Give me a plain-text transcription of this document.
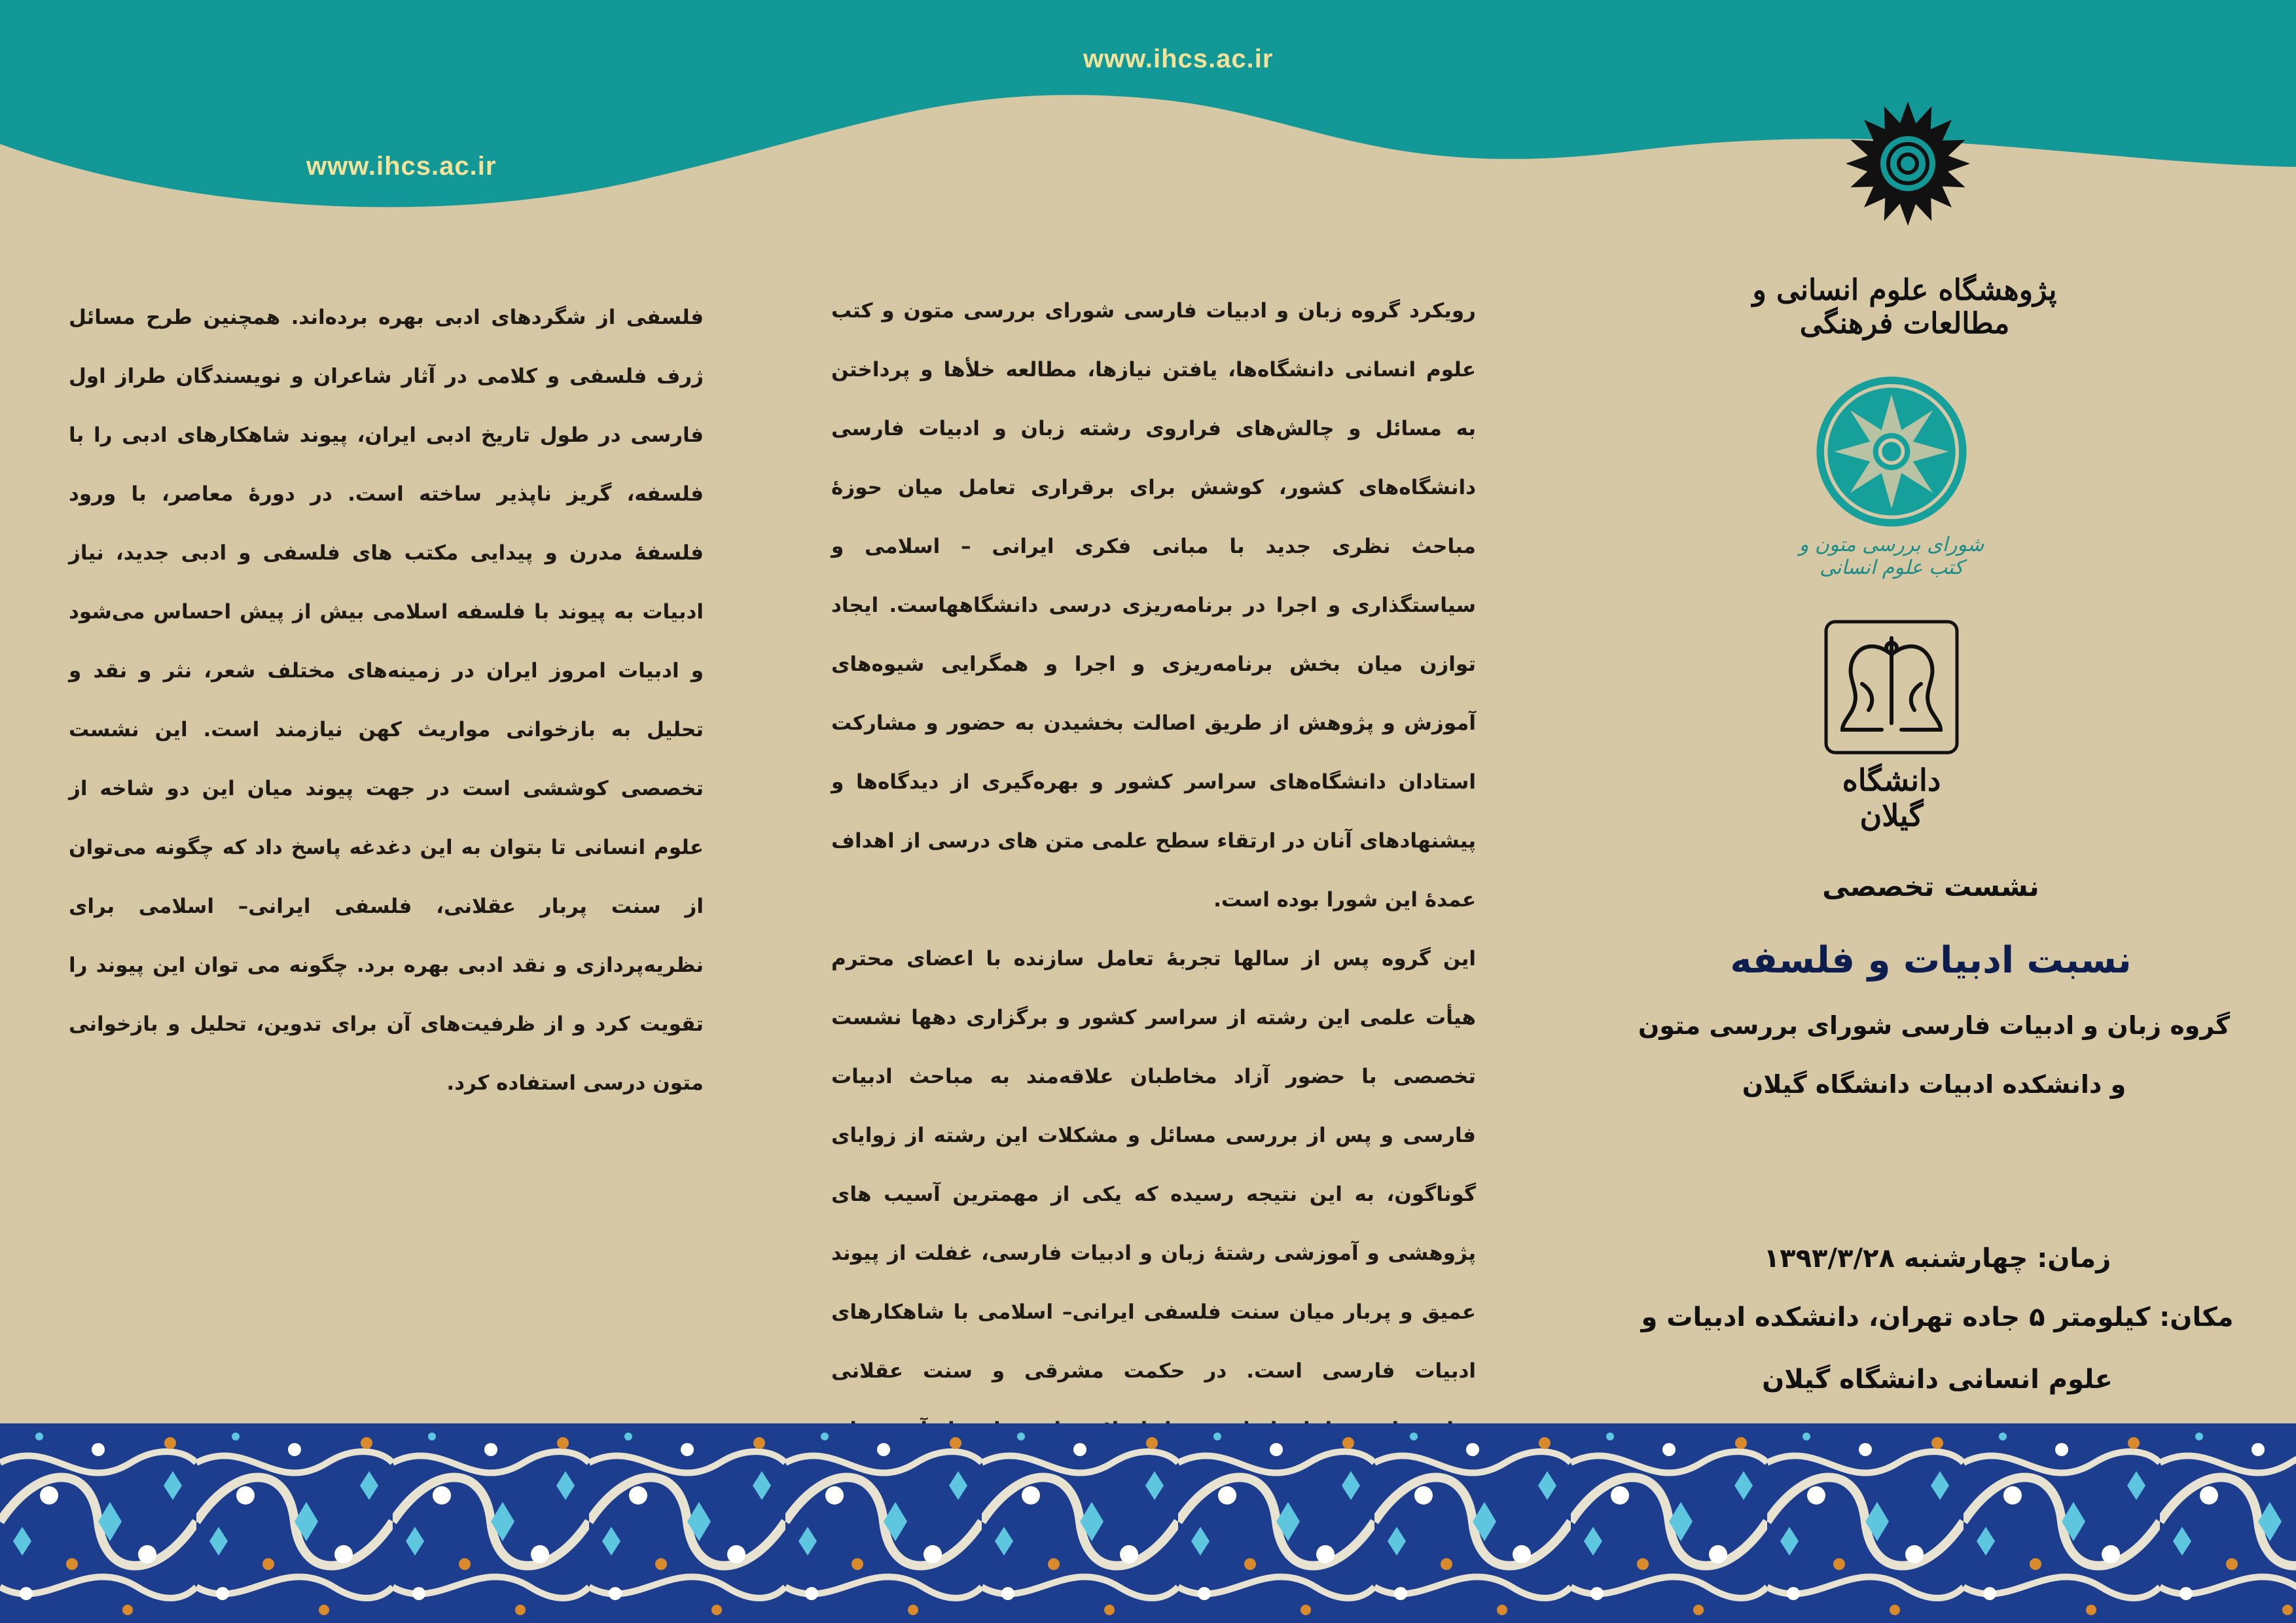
www.ihcs.ac.ir
www.ihcs.ac.ir
پژوهشگاه علوم انسانی و مطالعات فرهنگی
شورای بررسی متون و کتب علوم انسانی
دانشگاه گیلان
نشست تخصصی
نسبت ادبیات و فلسفه
گروه زبان و ادبیات فارسی شورای بررسی متون
و دانشکده ادبیات دانشگاه گیلان
زمان: چهارشنبه ۱۳۹۳/۳/۲۸
مکان: کیلومتر ۵ جاده تهران، دانشکده ادبیات و
علوم انسانی دانشگاه گیلان
رویکرد گروه زبان و ادبیات فارسی شورای بررسی متون و کتب علوم انسانی دانشگاه‌ها، یافتن نیازها، مطالعه خلأها و پرداختن به مسائل و چالش‌های فراروی رشته زبان و ادبیات فارسی دانشگاه‌های کشور، کوشش برای برقراری تعامل میان حوزهٔ مباحث نظری جدید با مبانی فکری ایرانی – اسلامی و سیاستگذاری و اجرا در برنامه‌ریزی درسی دانشگاههاست. ایجاد توازن میان بخش برنامه‌ریزی و اجرا و همگرایی شیوه‌های آموزش و پژوهش از طریق اصالت بخشیدن به حضور و مشارکت استادان دانشگاه‌های سراسر کشور و بهره‌گیری از دیدگاه‌ها و پیشنهادهای آنان در ارتقاء سطح علمی متن های درسی از اهداف عمدهٔ این شورا بوده است.
این گروه پس از سالها تجربهٔ تعامل سازنده با اعضای محترم هیأت علمی این رشته از سراسر کشور و برگزاری دهها نشست تخصصی با حضور آزاد مخاطبان علاقه‌مند به مباحث ادبیات فارسی و پس از بررسی مسائل و مشکلات این رشته از زوایای گوناگون، به این نتیجه رسیده که یکی از مهمترین آسیب های پژوهشی و آموزشی رشتهٔ زبان و ادبیات فارسی، غفلت از پیوند عمیق و پربار میان سنت فلسفی ایرانی– اسلامی با شاهکارهای ادبیات فارسی است. در حکمت مشرقی و سنت عقلانی
فلسفی از شگردهای ادبی بهره برده‌اند. همچنین طرح مسائل ژرف فلسفی و کلامی در آثار شاعران و نویسندگان طراز اول فارسی در طول تاریخ ادبی ایران، پیوند شاهکارهای ادبی را با فلسفه، گریز ناپذیر ساخته است. در دورهٔ معاصر، با ورود فلسفهٔ مدرن و پیدایی مکتب های فلسفی و ادبی جدید، نیاز ادبیات به پیوند با فلسفه اسلامی بیش از پیش احساس می‌شود و ادبیات امروز ایران در زمینه‌های مختلف شعر، نثر و نقد و تحلیل به بازخوانی مواریث کهن نیازمند است. این نشست تخصصی کوششی است در جهت پیوند میان این دو شاخه از علوم انسانی تا بتوان به این دغدغه پاسخ داد که چگونه می‌توان از سنت پربار عقلانی، فلسفی ایرانی– اسلامی برای نظریه‌پردازی و نقد ادبی بهره برد. چگونه می توان این پیوند را تقویت کرد و از ظرفیت‌های آن برای تدوین، تحلیل و بازخوانی متون درسی استفاده کرد.
